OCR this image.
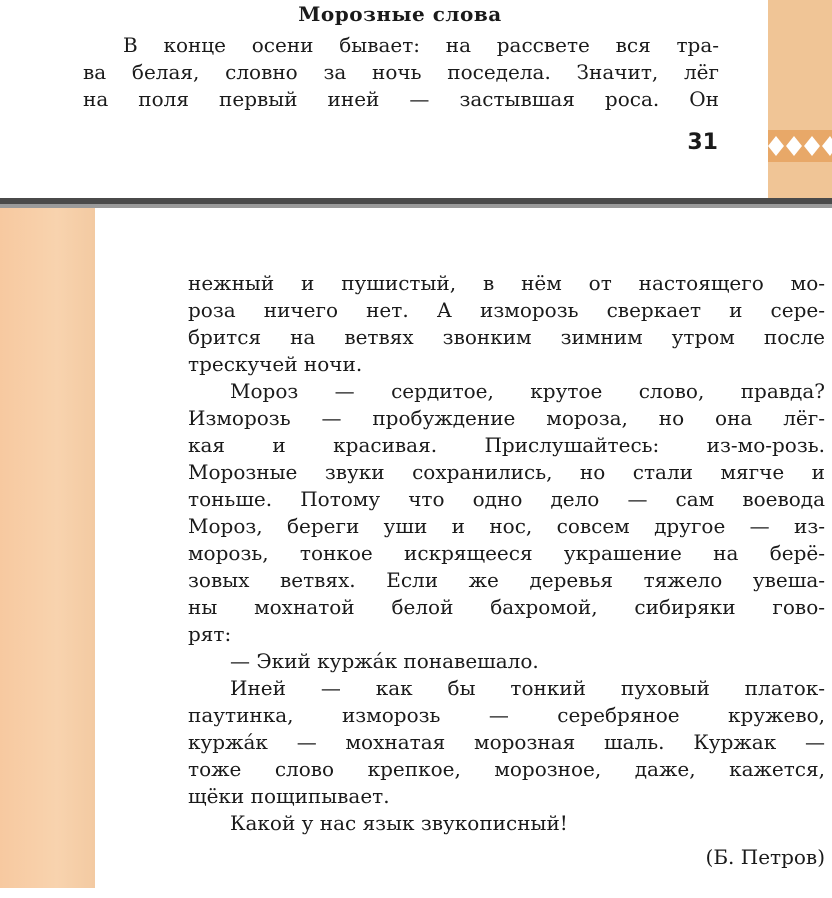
Морозные слова
В конце осени бывает: на рассвете вся тра-
ва белая, словно за ночь поседела. Значит, лёг
на поля первый иней — застывшая роса. Он
31
нежный и пушистый, в нём от настоящего мо-
роза ничего нет. А изморозь сверкает и сере-
брится на ветвях звонким зимним утром после
трескучей ночи.
Мороз — сердитое, крутое слово, правда?
Изморозь — пробуждение мороза, но она лёг-
кая и красивая. Прислушайтесь: из-мо-розь.
Морозные звуки сохранились, но стали мягче и
тоньше. Потому что одно дело — сам воевода
Мороз, береги уши и нос, совсем другое — из-
морозь, тонкое искрящееся украшение на берё-
зовых ветвях. Если же деревья тяжело увеша-
ны мохнатой белой бахромой, сибиряки гово-
рят:
— Экий куржáк понавешало.
Иней — как бы тонкий пуховый платок-
паутинка, изморозь — серебряное кружево,
куржáк — мохнатая морозная шаль. Куржак —
тоже слово крепкое, морозное, даже, кажется,
щёки пощипывает.
Какой у нас язык звукописный!
(Б. Петров)
